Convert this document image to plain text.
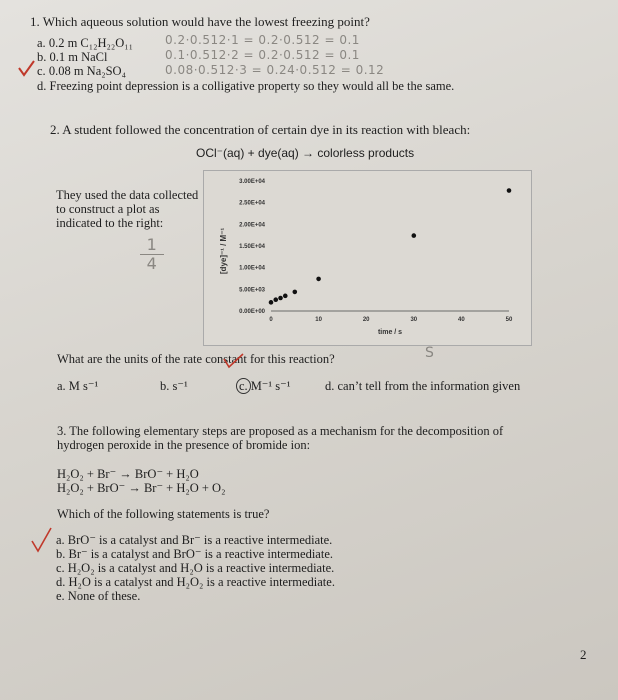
1. Which aqueous solution would have the lowest freezing point?
a. 0.2 m C₁₂H₂₂O₁₁
b. 0.1 m NaCl
c. 0.08 m Na₂SO₄
d. Freezing point depression is a colligative property so they would all be the same.
0.2·0.512·1 = 0.2·0.512 = 0.1
0.1·0.512·2 = 0.2·0.512 = 0.1
0.08·0.512·3 = 0.24·0.512 = 0.12
2. A student followed the concentration of certain dye in its reaction with bleach:
OCl⁻(aq) + dye(aq) → colorless products
They used the data collected
to construct a plot as
indicated to the right:
1
4	[dye]⁻¹ / M⁻¹
time / s
0.00E+00
5.00E+03
1.00E+04
1.50E+04
2.00E+04
2.50E+04
3.00E+04
0	10	20	30	40	50
S
What are the units of the rate constant for this reaction?
a. M s⁻¹	b. s⁻¹	c. M⁻¹ s⁻¹	d. can’t tell from the information given
3. The following elementary steps are proposed as a mechanism for the decomposition of
hydrogen peroxide in the presence of bromide ion:
H₂O₂ + Br⁻ → BrO⁻ + H₂O
H₂O₂ + BrO⁻ → Br⁻ + H₂O + O₂
Which of the following statements is true?
a. BrO⁻ is a catalyst and Br⁻ is a reactive intermediate.
b. Br⁻ is a catalyst and BrO⁻ is a reactive intermediate.
c. H₂O₂ is a catalyst and H₂O is a reactive intermediate.
d. H₂O is a catalyst and H₂O₂ is a reactive intermediate.
e. None of these.
2
